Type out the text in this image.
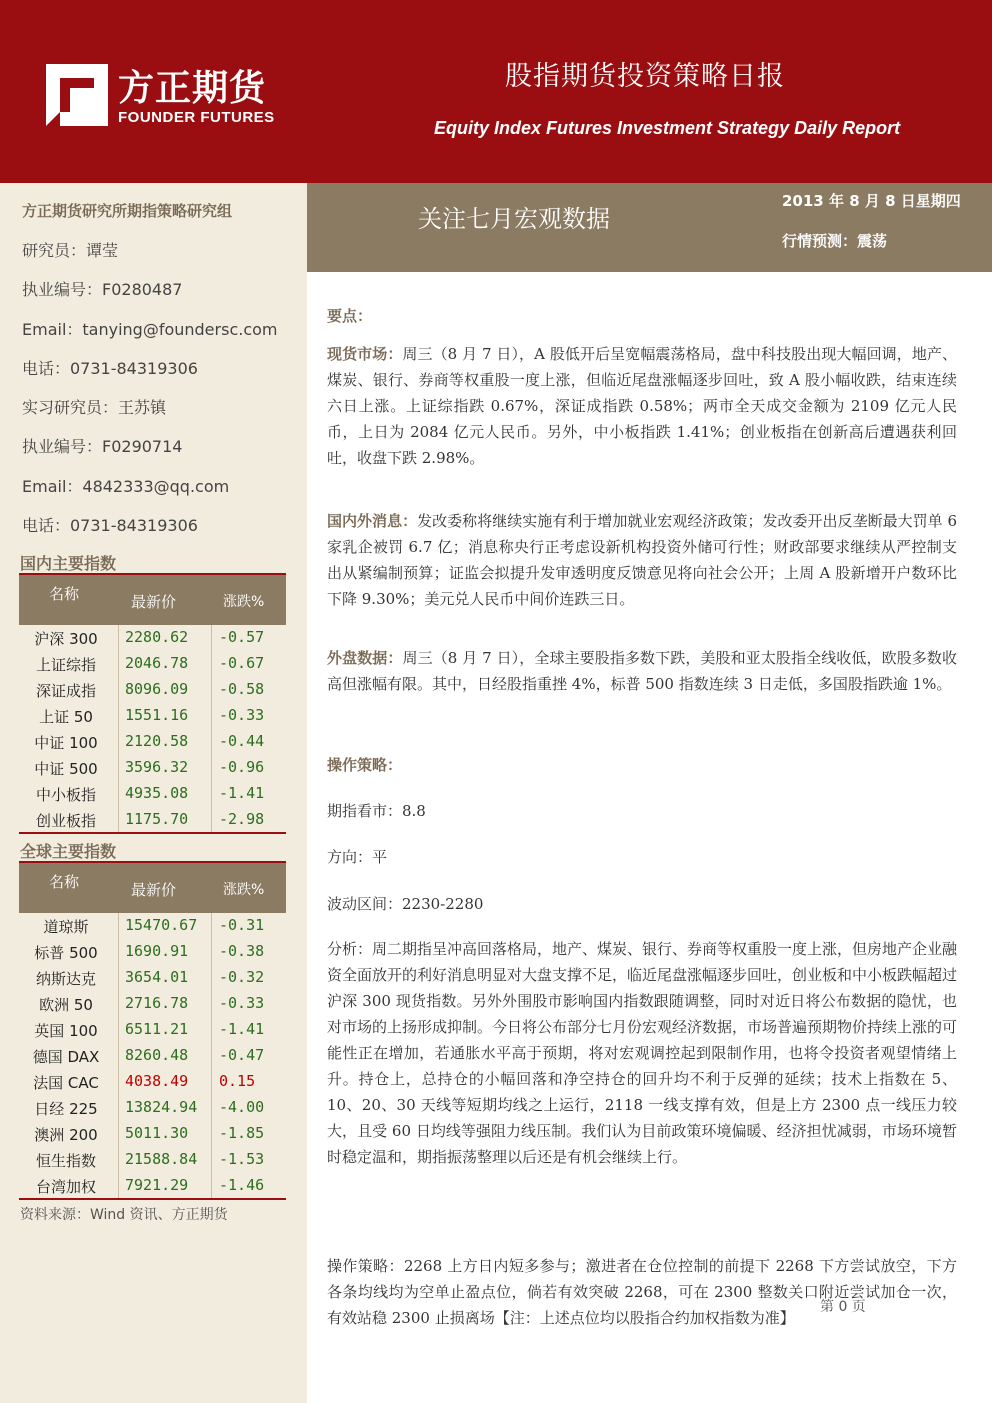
方正期货
FOUNDER FUTURES
股指期货投资策略日报
Equity Index Futures Investment Strategy Daily Report
方正期货研究所期指策略研究组
研究员：谭莹
执业编号：F0280487
Email：tanying@foundersc.com
电话：0731-84319306
实习研究员：王苏镇
执业编号：F0290714
Email：4842333@qq.com
电话：0731-84319306
国内主要指数
名称	最新价	涨跌%
沪深 300	2280.62 -0.57
上证综指	2046.78 -0.67
深证成指	8096.09 -0.58
上证 50	1551.16 -0.33
中证 100	2120.58 -0.44
中证 500	3596.32 -0.96
中小板指	4935.08 -1.41
创业板指	1175.70 -2.98
全球主要指数
名称	最新价	涨跌%
道琼斯	15470.67 -0.31
标普 500	1690.91 -0.38
纳斯达克	3654.01 -0.32
欧洲 50	2716.78 -0.33
英国 100	6511.21 -1.41
德国 DAX	8260.48 -0.47
法国 CAC	4038.49 0.15
日经 225	13824.94 -4.00
澳洲 200	5011.30 -1.85
恒生指数	21588.84 -1.53
台湾加权	7921.29 -1.46
资料来源：Wind 资讯、方正期货
关注七月宏观数据
2013 年 8 月 8 日星期四
行情预测：震荡

要点：

现货市场：周三（8 月 7 日），A 股低开后呈宽幅震荡格局，盘中科技股出现大幅回调，地产、煤炭、银行、券商等权重股一度上涨，但临近尾盘涨幅逐步回吐，致 A 股小幅收跌，结束连续六日上涨。上证综指跌 0.67%，深证成指跌 0.58%；两市全天成交金额为 2109 亿元人民币，上日为 2084 亿元人民币。另外，中小板指跌 1.41%；创业板指在创新高后遭遇获利回吐，收盘下跌 2.98%。

国内外消息：发改委称将继续实施有利于增加就业宏观经济政策；发改委开出反垄断最大罚单 6 家乳企被罚 6.7 亿；消息称央行正考虑设新机构投资外储可行性；财政部要求继续从严控制支出从紧编制预算；证监会拟提升发审透明度反馈意见将向社会公开；上周 A 股新增开户数环比下降 9.30%；美元兑人民币中间价连跌三日。

外盘数据：周三（8 月 7 日），全球主要股指多数下跌，美股和亚太股指全线收低，欧股多数收高但涨幅有限。其中，日经股指重挫 4%，标普 500 指数连续 3 日走低，多国股指跌逾 1%。

操作策略：

期指看市：8.8

方向：平

波动区间：2230-2280

分析：周二期指呈冲高回落格局，地产、煤炭、银行、券商等权重股一度上涨，但房地产企业融资全面放开的利好消息明显对大盘支撑不足，临近尾盘涨幅逐步回吐，创业板和中小板跌幅超过沪深 300 现货指数。另外外围股市影响国内指数跟随调整，同时对近日将公布数据的隐忧，也对市场的上扬形成抑制。今日将公布部分七月份宏观经济数据，市场普遍预期物价持续上涨的可能性正在增加，若通胀水平高于预期，将对宏观调控起到限制作用，也将令投资者观望情绪上升。持仓上，总持仓的小幅回落和净空持仓的回升均不利于反弹的延续；技术上指数在 5、10、20、30 天线等短期均线之上运行，2118 一线支撑有效，但是上方 2300 点一线压力较大，且受 60 日均线等强阻力线压制。我们认为目前政策环境偏暖、经济担忧减弱，市场环境暂时稳定温和，期指振荡整理以后还是有机会继续上行。

操作策略：2268 上方日内短多参与；激进者在仓位控制的前提下 2268 下方尝试放空，下方各条均线均为空单止盈点位，倘若有效突破 2268，可在 2300 整数关口附近尝试加仓一次，有效站稳 2300 止损离场【注：上述点位均以股指合约加权指数为准】

第 0 页
